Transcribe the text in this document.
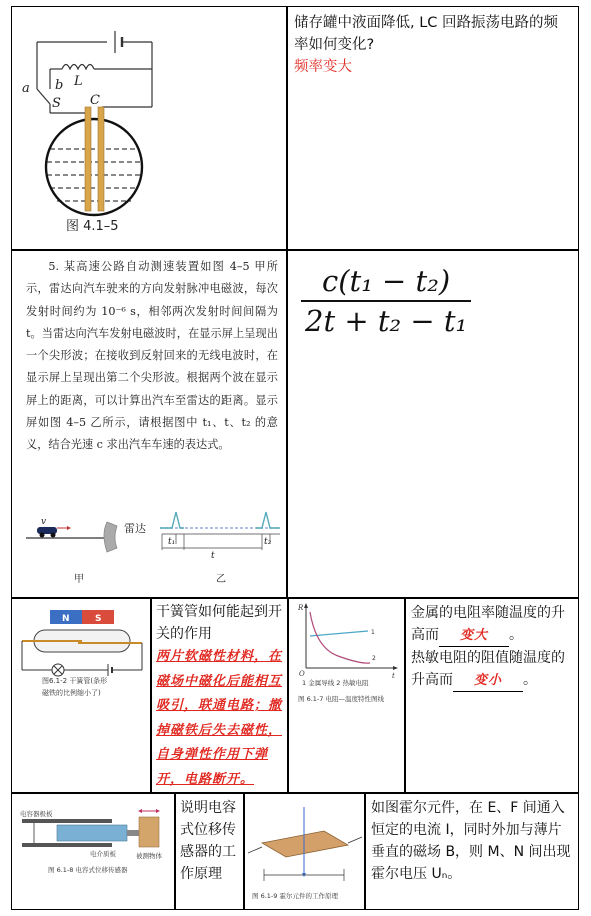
a b L
S C
图 4.1–5
储存罐中液面降低, LC 回路振荡电路的频率如何变化?
频率变大
5. 某高速公路自动测速装置如图 4–5 甲所示，雷达向汽车驶来的方向发射脉冲电磁波，每次发射时间约为 10⁻⁶ s，相邻两次发射时间间隔为 t。当雷达向汽车发射电磁波时，在显示屏上呈现出一个尖形波；在接收到反射回来的无线电波时，在显示屏上呈现出第二个尖形波。根据两个波在显示屏上的距离，可以计算出汽车至雷达的距离。显示屏如图 4–5 乙所示，请根据图中 t₁、t、t₂ 的意义，结合光速 c 求出汽车车速的表达式。
v	雷达
t₁
t
t₂
甲	乙
c(t₁ − t₂)
2t + t₂ − t₁
N	S
图6.1-2 干簧管(条形
磁铁的比例缩小了)
干簧管如何能起到开关的作用
两片软磁性材料，在磁场中磁化后能相互吸引，联通电路；撤掉磁铁后失去磁性，自身弹性作用下弹开，电路断开。
R
t
O
1
2
1 金属导线 2 热敏电阻
图 6.1-7 电阻—温度特性图线
金属的电阻率随温度的升高而 变大 。
热敏电阻的阻值随温度的升高而 变小 。
电容器极板
电介质板	被测物体
图 6.1-8 电容式位移传感器
说明电容式位移传感器的工作原理
图 6.1-9 霍尔元件的工作原理
如图霍尔元件，在 E、F 间通入恒定的电流 I，同时外加与薄片垂直的磁场 B，则 M、N 间出现霍尔电压 Uₙ。
